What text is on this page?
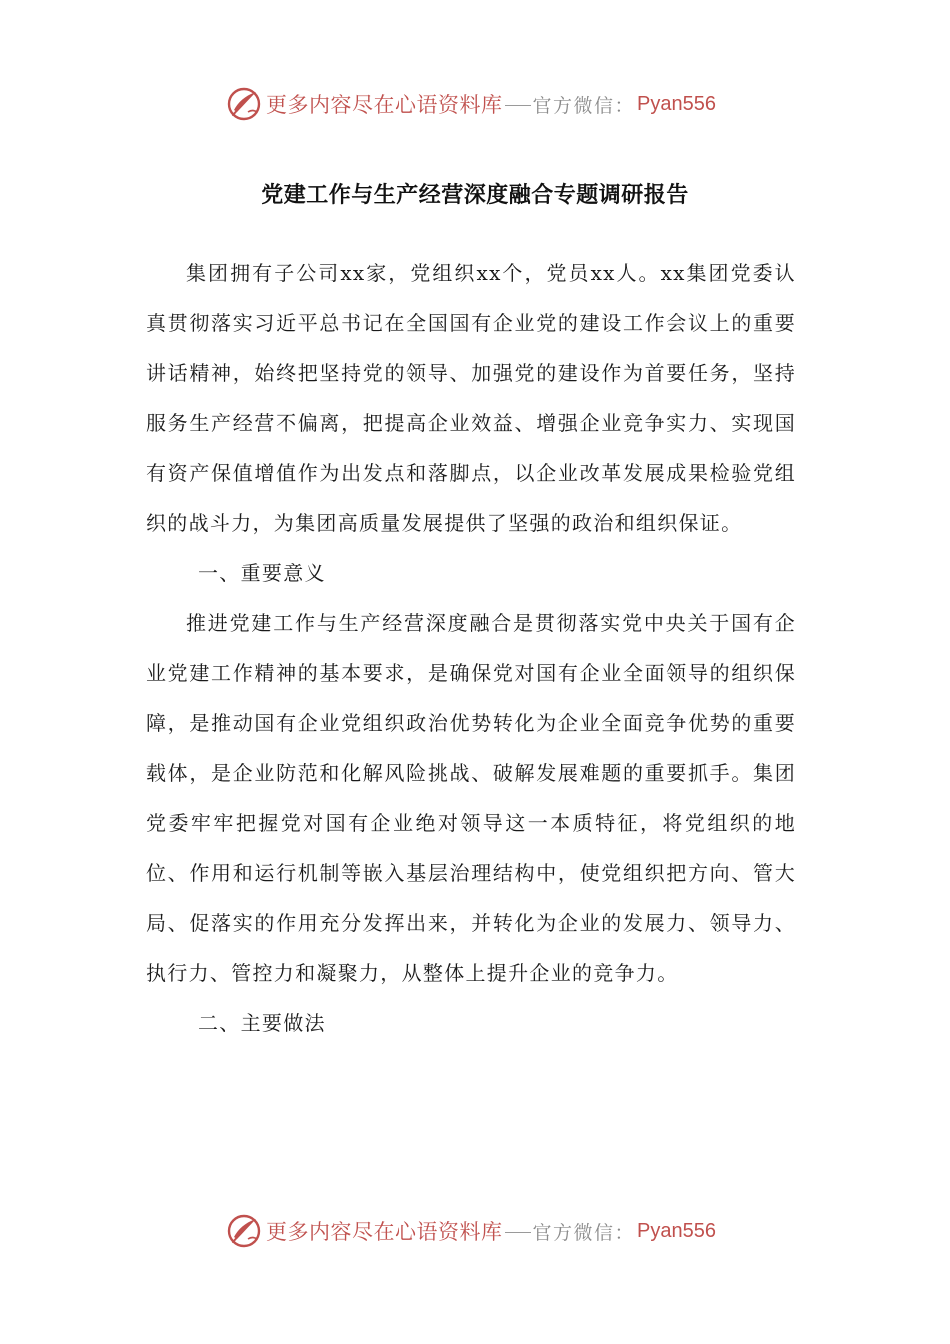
更多内容尽在心语资料库 官方微信： Pyan556
党建工作与生产经营深度融合专题调研报告

集团拥有子公司xx家，党组织xx个，党员xx人。xx集团党委认真贯彻落实习近平总书记在全国国有企业党的建设工作会议上的重要讲话精神，始终把坚持党的领导、加强党的建设作为首要任务，坚持服务生产经营不偏离，把提高企业效益、增强企业竞争实力、实现国有资产保值增值作为出发点和落脚点，以企业改革发展成果检验党组织的战斗力，为集团高质量发展提供了坚强的政治和组织保证。

一、重要意义

推进党建工作与生产经营深度融合是贯彻落实党中央关于国有企业党建工作精神的基本要求，是确保党对国有企业全面领导的组织保障，是推动国有企业党组织政治优势转化为企业全面竞争优势的重要载体，是企业防范和化解风险挑战、破解发展难题的重要抓手。集团党委牢牢把握党对国有企业绝对领导这一本质特征，将党组织的地位、作用和运行机制等嵌入基层治理结构中，使党组织把方向、管大局、促落实的作用充分发挥出来，并转化为企业的发展力、领导力、执行力、管控力和凝聚力，从整体上提升企业的竞争力。

二、主要做法

更多内容尽在心语资料库 官方微信： Pyan556
